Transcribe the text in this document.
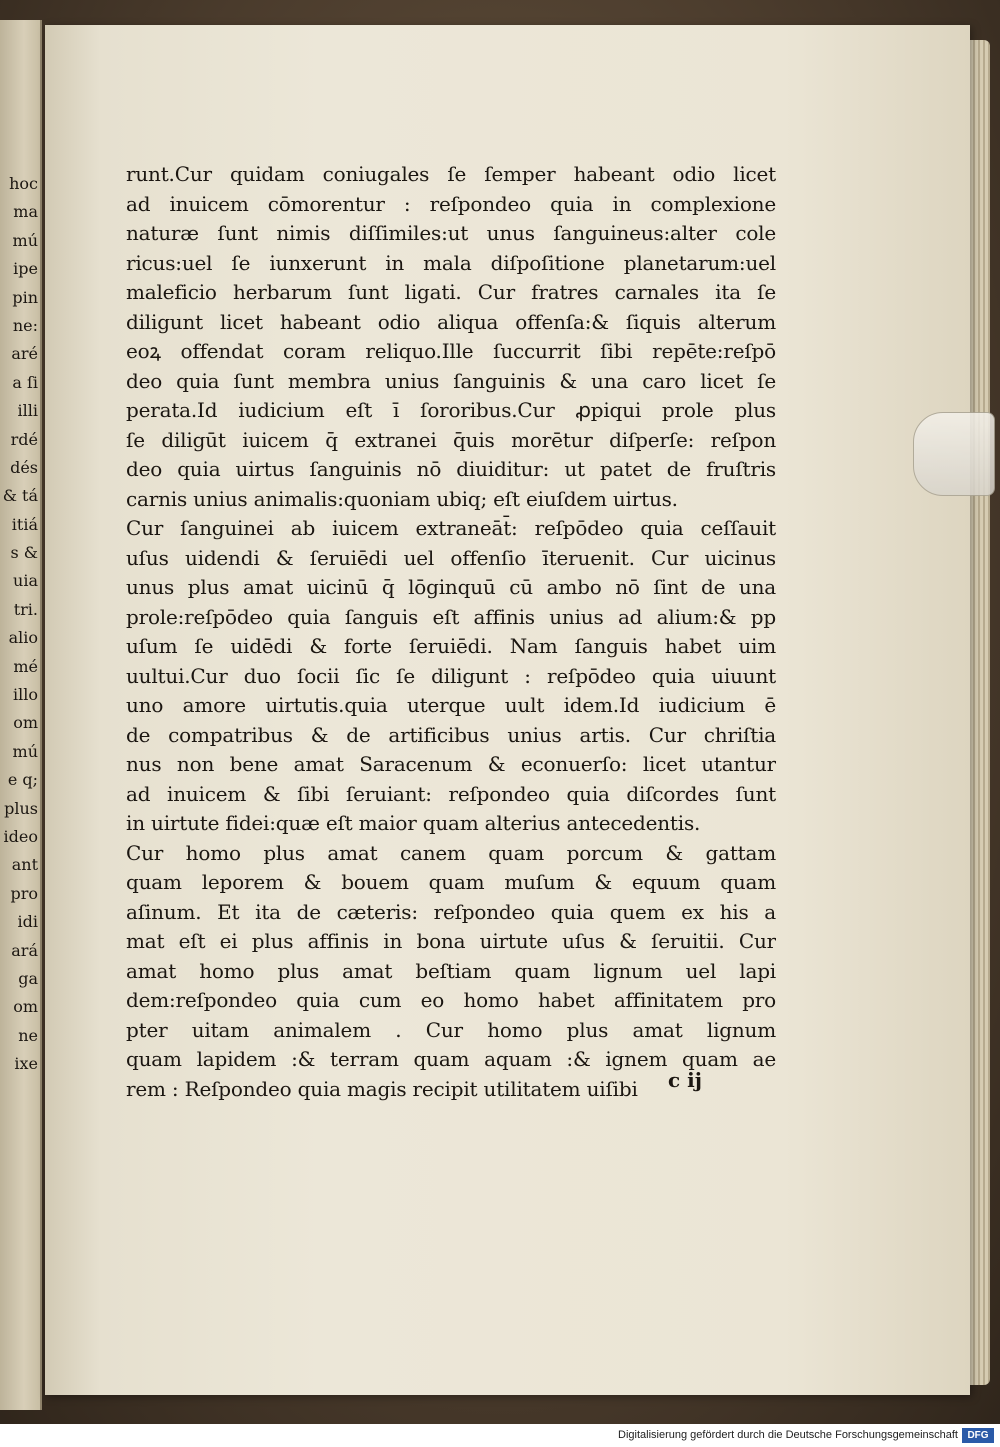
hoc
ma
mú
ipe
pin
ne:
aré
a ſi
illi
rdé
dés
& tá
itiá
s &
uia
tri.
alio
mé
illo
om
mú
e q;
plus
ideo
ant
pro
idi
ará
ga
om
ne
ixe
runt.Cur quidam coniugales ſe ſemper habeant odio licet
ad inuicem cōmorentur : reſpondeo quia in complexione
naturæ ſunt nimis diſſimiles:ut unus ſanguineus:alter cole
ricus:uel ſe iunxerunt in mala diſpoſitione planetarum:uel
maleficio herbarum ſunt ligati. Cur fratres carnales ita ſe
diligunt licet habeant odio aliqua offenſa:& ſiquis alterum
eoꝝ offendat coram reliquo.Ille ſuccurrit ſibi repēte:reſpō
deo quia ſunt membra unius ſanguinis & una caro licet ſe
perata.Id iudicium eſt ī ſororibus.Cur ꝓpiqui prole plus
ſe diligūt iuicem q̄ extranei q̄uis morētur diſperſe: reſpon
deo quia uirtus ſanguinis nō diuiditur: ut patet de fruſtris
carnis unius animalis:quoniam ubiq; eſt eiuſdem uirtus.
Cur ſanguinei ab iuicem extraneāt̄: reſpōdeo quia ceſſauit
uſus uidendi & ſeruiēdi uel offenſio īteruenit. Cur uicinus
unus plus amat uicinū q̄ lōginquū cū ambo nō ſint de una
prole:reſpōdeo quia ſanguis eſt affinis unius ad alium:& pp
uſum ſe uidēdi & forte ſeruiēdi. Nam ſanguis habet uim
uultui.Cur duo ſocii ſic ſe diligunt : reſpōdeo quia uiuunt
uno amore uirtutis.quia uterque uult idem.Id iudicium ē
de compatribus & de artificibus unius artis. Cur chriſtia
nus non bene amat Saracenum & econuerſo: licet utantur
ad inuicem & ſibi ſeruiant: reſpondeo quia diſcordes ſunt
in uirtute fidei:quæ eſt maior quam alterius antecedentis.
Cur homo plus amat canem quam porcum & gattam
quam leporem & bouem quam muſum & equum quam
aſinum. Et ita de cæteris: reſpondeo quia quem ex his a
mat eſt ei plus affinis in bona uirtute uſus & ſeruitii. Cur
amat homo plus amat beſtiam quam lignum uel lapi
dem:reſpondeo quia cum eo homo habet affinitatem pro
pter uitam animalem . Cur homo plus amat lignum
quam lapidem :& terram quam aquam :& ignem quam ae
rem : Reſpondeo quia magis recipit utilitatem uiſibi	c ij
Digitalisierung gefördert durch die Deutsche Forschungsgemeinschaft DFG
